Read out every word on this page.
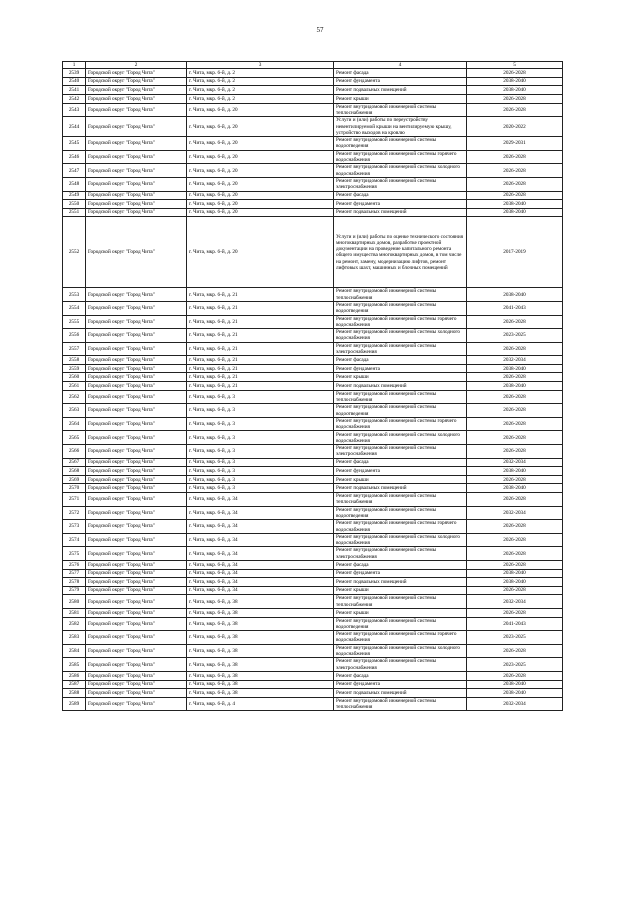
57
1	2	3	4	5
2539	Городской округ "Город Чита"	г. Чита, мкр. 6-й, д. 2	Ремонт фасада	2026-2028
2540	Городской округ "Город Чита"	г. Чита, мкр. 6-й, д. 2	Ремонт фундамента	2038-2040
2541	Городской округ "Город Чита"	г. Чита, мкр. 6-й, д. 2	Ремонт подвальных помещений	2038-2040
2542	Городской округ "Город Чита"	г. Чита, мкр. 6-й, д. 2	Ремонт крыши	2026-2028
2543	Городской округ "Город Чита"	г. Чита, мкр. 6-й, д. 20	Ремонт внутридомовой инженерной системы теплоснабжения	2026-2028
2544	Городской округ "Город Чита"	г. Чита, мкр. 6-й, д. 20	Услуги и (или) работы по переустройству невентилируемой крыши на вентилируемую крышу, устройство выходов на кровлю	2020-2022
2545	Городской округ "Город Чита"	г. Чита, мкр. 6-й, д. 20	Ремонт внутридомовой инженерной системы водоотведения	2029-2031
2546	Городской округ "Город Чита"	г. Чита, мкр. 6-й, д. 20	Ремонт внутридомовой инженерной системы горячего водоснабжения	2026-2028
2547	Городской округ "Город Чита"	г. Чита, мкр. 6-й, д. 20	Ремонт внутридомовой инженерной системы холодного водоснабжения	2026-2028
2548	Городской округ "Город Чита"	г. Чита, мкр. 6-й, д. 20	Ремонт внутридомовой инженерной системы электроснабжения	2026-2028
2549	Городской округ "Город Чита"	г. Чита, мкр. 6-й, д. 20	Ремонт фасада	2026-2028
2550	Городской округ "Город Чита"	г. Чита, мкр. 6-й, д. 20	Ремонт фундамента	2038-2040
2551	Городской округ "Город Чита"	г. Чита, мкр. 6-й, д. 20	Ремонт подвальных помещений	2038-2040
2552	Городской округ "Город Чита"	г. Чита, мкр. 6-й, д. 20	Услуги и (или) работы по оценке технического состояния многоквартирных домов, разработке проектной документации на проведение капитального ремонта общего имущества многоквартирных домов, в том числе на ремонт, замену, модернизацию лифтов, ремонт лифтовых шахт, машинных и блочных помещений	2017-2019
2553	Городской округ "Город Чита"	г. Чита, мкр. 6-й, д. 21	Ремонт внутридомовой инженерной системы теплоснабжения	2038-2040
2554	Городской округ "Город Чита"	г. Чита, мкр. 6-й, д. 21	Ремонт внутридомовой инженерной системы водоотведения	2041-2043
2555	Городской округ "Город Чита"	г. Чита, мкр. 6-й, д. 21	Ремонт внутридомовой инженерной системы горячего водоснабжения	2026-2028
2556	Городской округ "Город Чита"	г. Чита, мкр. 6-й, д. 21	Ремонт внутридомовой инженерной системы холодного водоснабжения	2023-2025
2557	Городской округ "Город Чита"	г. Чита, мкр. 6-й, д. 21	Ремонт внутридомовой инженерной системы электроснабжения	2026-2028
2558	Городской округ "Город Чита"	г. Чита, мкр. 6-й, д. 21	Ремонт фасада	2032-2034
2559	Городской округ "Город Чита"	г. Чита, мкр. 6-й, д. 21	Ремонт фундамента	2038-2040
2560	Городской округ "Город Чита"	г. Чита, мкр. 6-й, д. 21	Ремонт крыши	2026-2028
2561	Городской округ "Город Чита"	г. Чита, мкр. 6-й, д. 21	Ремонт подвальных помещений	2038-2040
2562	Городской округ "Город Чита"	г. Чита, мкр. 6-й, д. 3	Ремонт внутридомовой инженерной системы теплоснабжения	2026-2028
2563	Городской округ "Город Чита"	г. Чита, мкр. 6-й, д. 3	Ремонт внутридомовой инженерной системы водоотведения	2026-2028
2564	Городской округ "Город Чита"	г. Чита, мкр. 6-й, д. 3	Ремонт внутридомовой инженерной системы горячего водоснабжения	2026-2028
2565	Городской округ "Город Чита"	г. Чита, мкр. 6-й, д. 3	Ремонт внутридомовой инженерной системы холодного водоснабжения	2026-2028
2566	Городской округ "Город Чита"	г. Чита, мкр. 6-й, д. 3	Ремонт внутридомовой инженерной системы электроснабжения	2026-2028
2567	Городской округ "Город Чита"	г. Чита, мкр. 6-й, д. 3	Ремонт фасада	2032-2034
2568	Городской округ "Город Чита"	г. Чита, мкр. 6-й, д. 3	Ремонт фундамента	2038-2040
2569	Городской округ "Город Чита"	г. Чита, мкр. 6-й, д. 3	Ремонт крыши	2026-2028
2570	Городской округ "Город Чита"	г. Чита, мкр. 6-й, д. 3	Ремонт подвальных помещений	2038-2040
2571	Городской округ "Город Чита"	г. Чита, мкр. 6-й, д. 34	Ремонт внутридомовой инженерной системы теплоснабжения	2026-2028
2572	Городской округ "Город Чита"	г. Чита, мкр. 6-й, д. 34	Ремонт внутридомовой инженерной системы водоотведения	2032-2034
2573	Городской округ "Город Чита"	г. Чита, мкр. 6-й, д. 34	Ремонт внутридомовой инженерной системы горячего водоснабжения	2026-2028
2574	Городской округ "Город Чита"	г. Чита, мкр. 6-й, д. 34	Ремонт внутридомовой инженерной системы холодного водоснабжения	2026-2028
2575	Городской округ "Город Чита"	г. Чита, мкр. 6-й, д. 34	Ремонт внутридомовой инженерной системы электроснабжения	2026-2028
2576	Городской округ "Город Чита"	г. Чита, мкр. 6-й, д. 34	Ремонт фасада	2026-2028
2577	Городской округ "Город Чита"	г. Чита, мкр. 6-й, д. 34	Ремонт фундамента	2038-2040
2578	Городской округ "Город Чита"	г. Чита, мкр. 6-й, д. 34	Ремонт подвальных помещений	2038-2040
2579	Городской округ "Город Чита"	г. Чита, мкр. 6-й, д. 34	Ремонт крыши	2026-2028
2580	Городской округ "Город Чита"	г. Чита, мкр. 6-й, д. 38	Ремонт внутридомовой инженерной системы теплоснабжения	2032-2034
2581	Городской округ "Город Чита"	г. Чита, мкр. 6-й, д. 38	Ремонт крыши	2026-2028
2582	Городской округ "Город Чита"	г. Чита, мкр. 6-й, д. 38	Ремонт внутридомовой инженерной системы водоотведения	2041-2043
2583	Городской округ "Город Чита"	г. Чита, мкр. 6-й, д. 38	Ремонт внутридомовой инженерной системы горячего водоснабжения	2023-2025
2584	Городской округ "Город Чита"	г. Чита, мкр. 6-й, д. 38	Ремонт внутридомовой инженерной системы холодного водоснабжения	2026-2028
2585	Городской округ "Город Чита"	г. Чита, мкр. 6-й, д. 38	Ремонт внутридомовой инженерной системы электроснабжения	2023-2025
2586	Городской округ "Город Чита"	г. Чита, мкр. 6-й, д. 38	Ремонт фасада	2026-2028
2587	Городской округ "Город Чита"	г. Чита, мкр. 6-й, д. 38	Ремонт фундамента	2038-2040
2588	Городской округ "Город Чита"	г. Чита, мкр. 6-й, д. 38	Ремонт подвальных помещений	2038-2040
2589	Городской округ "Город Чита"	г. Чита, мкр. 6-й, д. 4	Ремонт внутридомовой инженерной системы теплоснабжения	2032-2034
